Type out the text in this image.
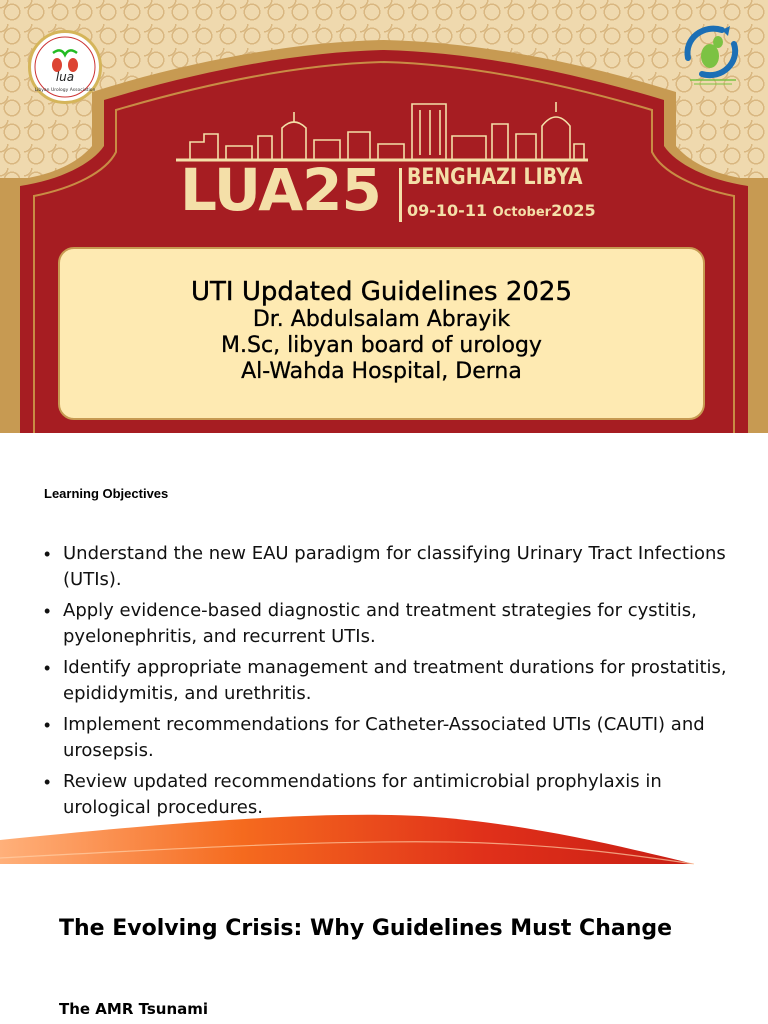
lua
Libyan Urology Association
LUA25 BENGHAZI LIBYA
09-10-11 October2025
UTI Updated Guidelines 2025
Dr. Abdulsalam Abrayik
M.Sc, libyan board of urology
Al-Wahda Hospital, Derna
Learning Objectives
• Understand the new EAU paradigm for classifying Urinary Tract Infections (UTIs).
• Apply evidence-based diagnostic and treatment strategies for cystitis, pyelonephritis, and recurrent UTIs.
• Identify appropriate management and treatment durations for prostatitis, epididymitis, and urethritis.
• Implement recommendations for Catheter-Associated UTIs (CAUTI) and urosepsis.
• Review updated recommendations for antimicrobial prophylaxis in urological procedures.
The Evolving Crisis: Why Guidelines Must Change
The AMR Tsunami
